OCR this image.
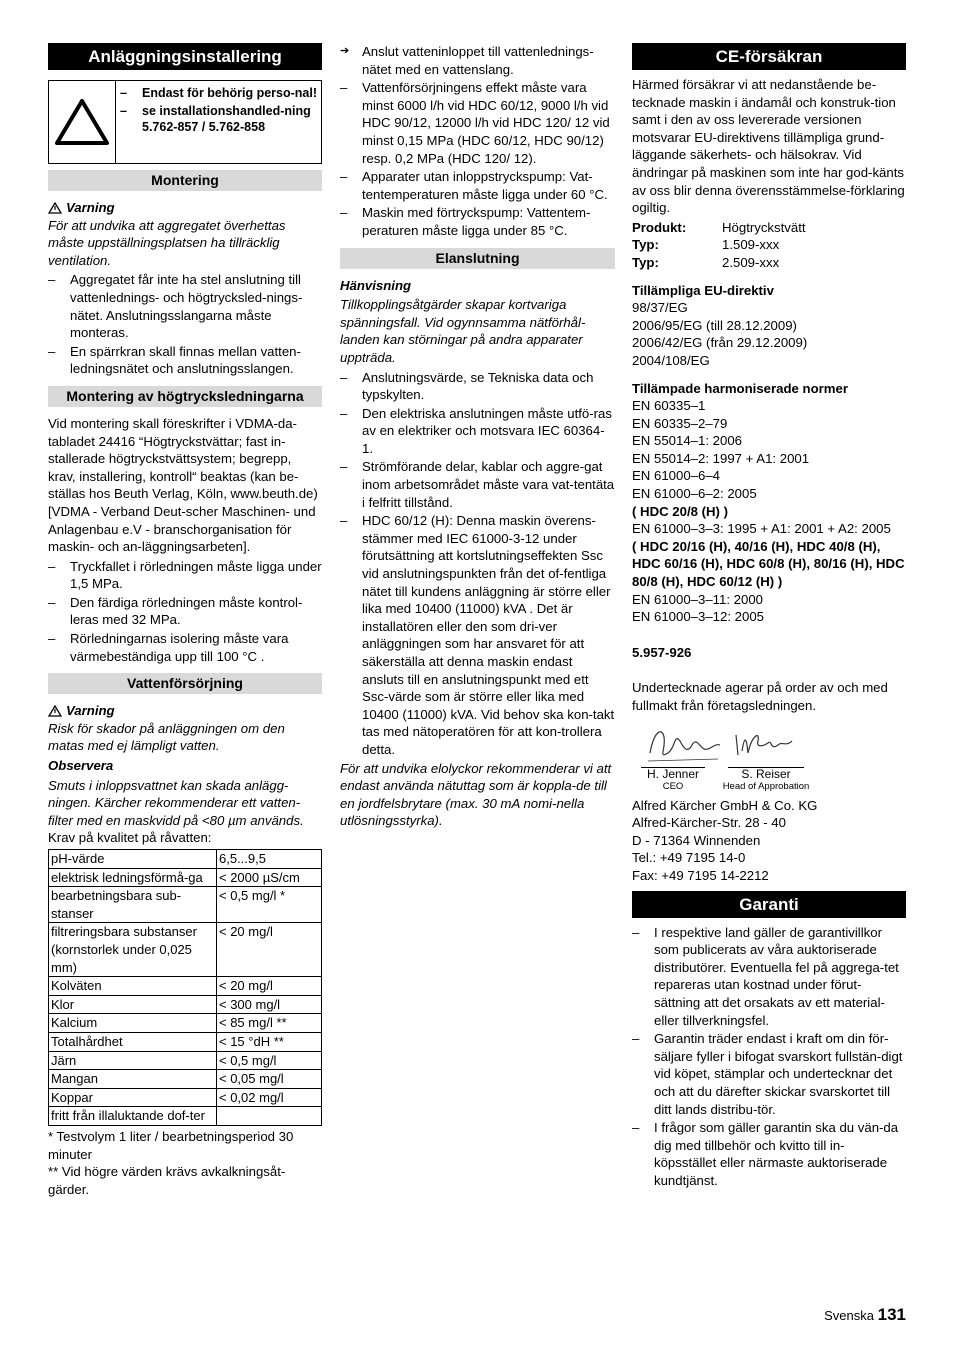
Anläggningsinstallering
– Endast för behörig perso-nal!
– se installationshandled-ning 5.762-857 / 5.762-858
Montering
Varning

För att undvika att aggregatet överhettas måste uppställningsplatsen ha tillräcklig ventilation.

– Aggregatet får inte ha stel anslutning till vattenlednings- och högtrycksled-nings-nätet. Anslutningsslangarna måste monteras.
– En spärrkran skall finnas mellan vatten-ledningsnätet och anslutningsslangen.
Montering av högtrycksledningarna

Vid montering skall föreskrifter i VDMA-da-tabladet 24416 “Högtryckstvättar; fast in-stallerade högtryckstvättsystem; begrepp, krav, installering, kontroll“ beaktas (kan be-ställas hos Beuth Verlag, Köln, www.beuth.de) [VDMA - Verband Deut-scher Maschinen- und Anlagenbau e.V - branschorganisation för maskin- och an-läggningsarbeten].

– Tryckfallet i rörledningen måste ligga under 1,5 MPa.
– Den färdiga rörledningen måste kontrol-leras med 32 MPa.
– Rörledningarnas isolering måste vara värmebeständiga upp till 100 °C .
Vattenförsörjning
Varning

Risk för skador på anläggningen om den matas med ej lämpligt vatten.

Observera

Smuts i inloppsvattnet kan skada anlägg-ningen. Kärcher rekommenderar ett vatten-filter med en maskvidd på <80 µm används.

Krav på kvalitet på råvatten:

pH-värde	6,5...9,5
elektrisk ledningsförmå-ga	< 2000 µS/cm
bearbetningsbara sub-stanser	< 0,5 mg/l *
filtreringsbara substanser (kornstorlek under 0,025 mm)	< 20 mg/l
Kolväten	< 20 mg/l
Klor	< 300 mg/l
Kalcium	< 85 mg/l **
Totalhårdhet	< 15 °dH **
Järn	< 0,5 mg/l
Mangan	< 0,05 mg/l
Koppar	< 0,02 mg/l
fritt från illaluktande dof-ter	

* Testvolym 1 liter / bearbetningsperiod 30 minuter

** Vid högre värden krävs avkalkningsåt-gärder.

➔ Anslut vatteninloppet till vattenlednings-nätet med en vattenslang.
– Vattenförsörjningens effekt måste vara minst 6000 l/h vid HDC 60/12, 9000 l/h vid HDC 90/12, 12000 l/h vid HDC 120/ 12 vid minst 0,15 MPa (HDC 60/12, HDC 90/12) resp. 0,2 MPa (HDC 120/ 12).
– Apparater utan inloppstryckspump: Vat-tentemperaturen måste ligga under 60 °C.
– Maskin med förtryckspump: Vattentem-peraturen måste ligga under 85 °C.
Elanslutning

Hänvisning

Tillkopplingsåtgärder skapar kortvariga spänningsfall. Vid ogynnsamma nätförhål-landen kan störningar på andra apparater uppträda.

– Anslutningsvärde, se Tekniska data och typskylten.
– Den elektriska anslutningen måste utfö-ras av en elektriker och motsvara IEC 60364-1.
– Strömförande delar, kablar och aggre-gat inom arbetsområdet måste vara vat-tentäta i felfritt tillstånd.
– HDC 60/12 (H): Denna maskin överens-stämmer med IEC 61000-3-12 under förutsättning att kortslutningseffekten Ssc vid anslutningspunkten från det of-fentliga nätet till kundens anläggning är större eller lika med 10400 (11000) kVA . Det är installatören eller den som dri-ver anläggningen som har ansvaret för att säkerställa att denna maskin endast ansluts till en anslutningspunkt med ett Ssc-värde som är större eller lika med 10400 (11000) kVA. Vid behov ska kon-takt tas med nätoperatören för att kon-trollera detta.

För att undvika elolyckor rekommenderar vi att endast använda nätuttag som är koppla-de till en jordfelsbrytare (max. 30 mA nomi-nella utlösningsstyrka).

CE-försäkran

Härmed försäkrar vi att nedanstående be-tecknade maskin i ändamål och konstruk-tion samt i den av oss levererade versionen motsvarar EU-direktivens tillämpliga grund-läggande säkerhets- och hälsokrav. Vid ändringar på maskinen som inte har god-känts av oss blir denna överensstämmelse-förklaring ogiltig.

Produkt:	Högtryckstvätt
Typ:	1.509-xxx
Typ:	2.509-xxx

Tillämpliga EU-direktiv

98/37/EG
2006/95/EG (till 28.12.2009)
2006/42/EG (från 29.12.2009)
2004/108/EG

Tillämpade harmoniserade normer

EN 60335–1
EN 60335–2–79
EN 55014–1: 2006
EN 55014–2: 1997 + A1: 2001
EN 61000–6–4
EN 61000–6–2: 2005

( HDC 20/8 (H) )

EN 61000–3–3: 1995 + A1: 2001 + A2: 2005

( HDC 20/16 (H), 40/16 (H), HDC 40/8 (H), HDC 60/16 (H), HDC 60/8 (H), 80/16 (H), HDC 80/8 (H), HDC 60/12 (H) )

EN 61000–3–11: 2000
EN 61000–3–12: 2005

5.957-926

Undertecknade agerar på order av och med fullmakt från företagsledningen.

H. Jenner
CEO
S. Reiser
Head of Approbation
Alfred Kärcher GmbH & Co. KG
Alfred-Kärcher-Str. 28 - 40
D - 71364 Winnenden
Tel.: +49 7195 14-0
Fax: +49 7195 14-2212
Garanti
– I respektive land gäller de garantivillkor som publicerats av våra auktoriserade distributörer. Eventuella fel på aggrega-tet repareras utan kostnad under förut-sättning att det orsakats av ett material-eller tillverkningsfel.
– Garantin träder endast i kraft om din för-säljare fyller i bifogat svarskort fullstän-digt vid köpet, stämplar och undertecknar det och att du därefter skickar svarskortet till ditt lands distribu-tör.
– I frågor som gäller garantin ska du vän-da dig med tillbehör och kvitto till in-köpsstället eller närmaste auktoriserade kundtjänst.
Svenska 131
